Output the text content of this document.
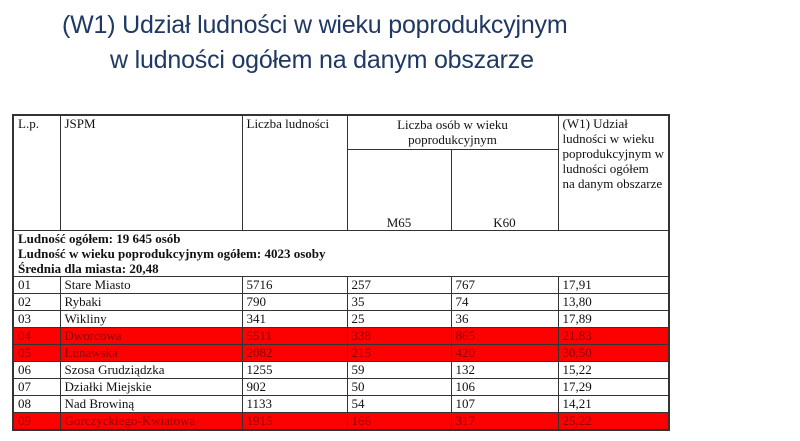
(W1) Udział ludności w wieku poprodukcyjnym
w ludności ogółem na danym obszarze
L.p.	JSPM	Liczba ludności	Liczba osób w wieku poprodukcyjnym		(W1) Udział ludności w wieku poprodukcyjnym w ludności ogółem na danym obszarze
			M65	K60	

Ludność ogółem: 19 645 osób
Ludność w wieku poprodukcyjnym ogółem: 4023 osoby
Średnia dla miasta: 20,48					

01	Stare Miasto	5716	257	767	17,91
02	Rybaki	790	35	74	13,80
03	Wikliny	341	25	36	17,89
04	Dworcowa	5511	338	865	21,83
05	Łunawska	2082	215	420	30,50
06	Szosa Grudziądzka	1255	59	132	15,22
07	Działki Miejskie	902	50	106	17,29
08	Nad Browiną	1133	54	107	14,21
09	Gorczyckiego-Kwiatowa	1915	166	317	25,22
